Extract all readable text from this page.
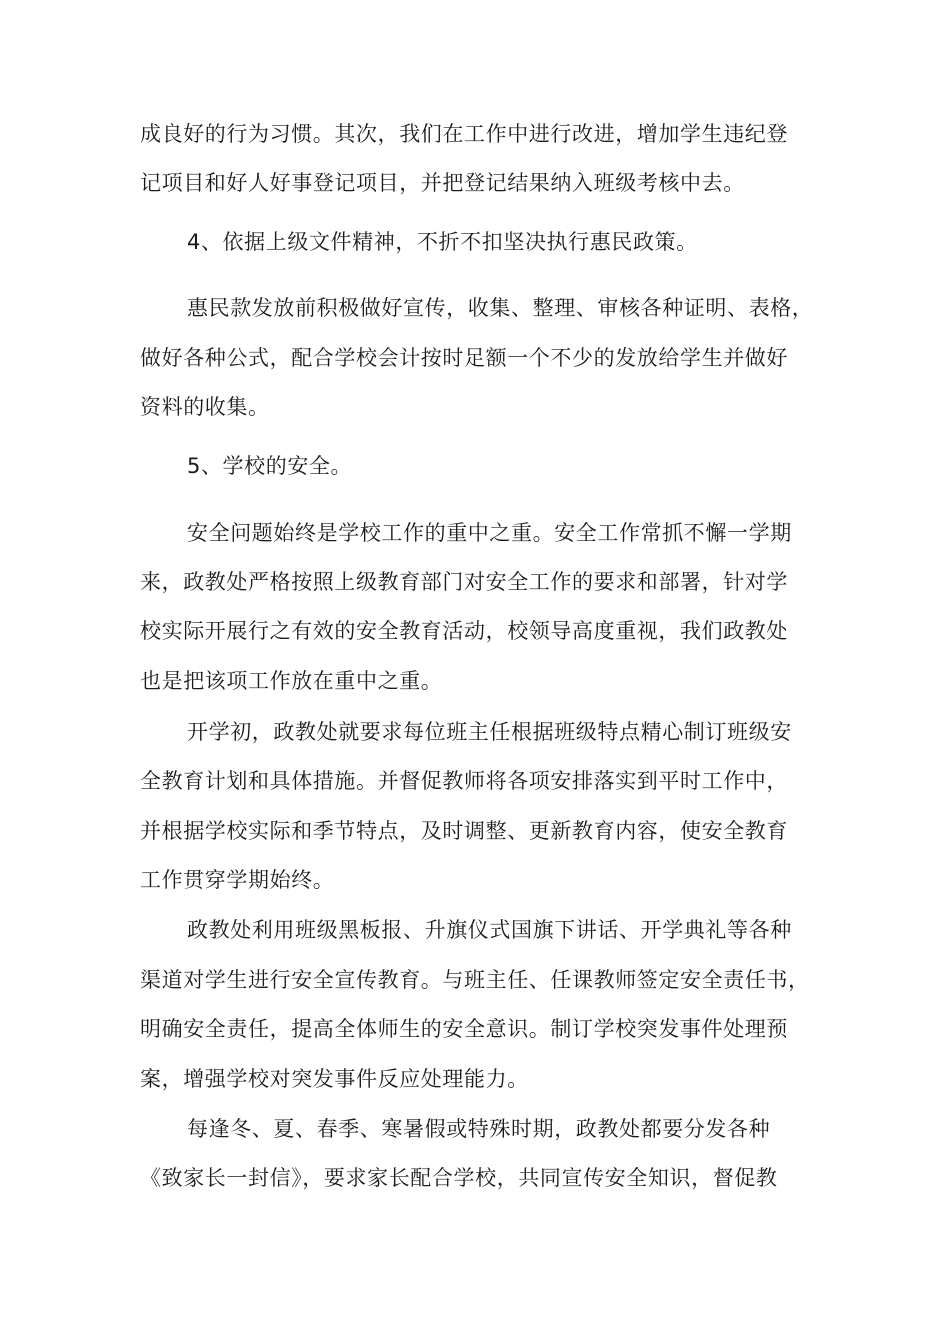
成良好的行为习惯。其次，我们在工作中进行改进，增加学生违纪登
记项目和好人好事登记项目，并把登记结果纳入班级考核中去。
4、依据上级文件精神，不折不扣坚决执行惠民政策。
惠民款发放前积极做好宣传，收集、整理、审核各种证明、表格，
做好各种公式，配合学校会计按时足额一个不少的发放给学生并做好
资料的收集。
5、学校的安全。
安全问题始终是学校工作的重中之重。安全工作常抓不懈一学期
来，政教处严格按照上级教育部门对安全工作的要求和部署，针对学
校实际开展行之有效的安全教育活动，校领导高度重视，我们政教处
也是把该项工作放在重中之重。
开学初，政教处就要求每位班主任根据班级特点精心制订班级安
全教育计划和具体措施。并督促教师将各项安排落实到平时工作中，
并根据学校实际和季节特点，及时调整、更新教育内容，使安全教育
工作贯穿学期始终。
政教处利用班级黑板报、升旗仪式国旗下讲话、开学典礼等各种
渠道对学生进行安全宣传教育。与班主任、任课教师签定安全责任书，
明确安全责任，提高全体师生的安全意识。制订学校突发事件处理预
案，增强学校对突发事件反应处理能力。
每逢冬、夏、春季、寒暑假或特殊时期，政教处都要分发各种
《致家长一封信》，要求家长配合学校，共同宣传安全知识，督促教
